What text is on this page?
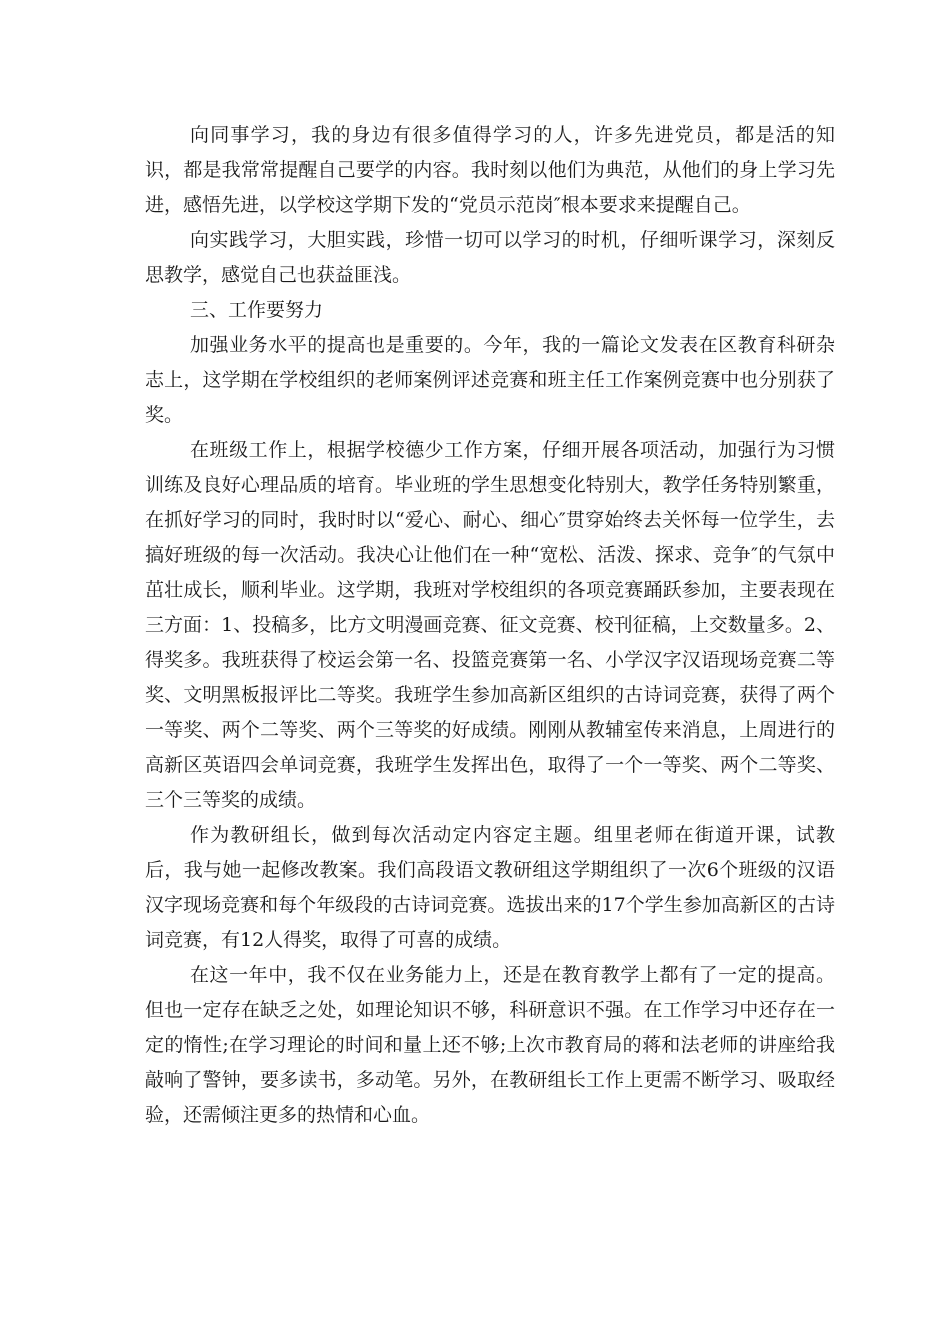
向同事学习，我的身边有很多值得学习的人，许多先进党员，都是活的知识，都是我常常提醒自己要学的内容。我时刻以他们为典范，从他们的身上学习先进，感悟先进，以学校这学期下发的“党员示范岗″根本要求来提醒自己。

向实践学习，大胆实践，珍惜一切可以学习的时机，仔细听课学习，深刻反思教学，感觉自己也获益匪浅。

三、工作要努力

加强业务水平的提高也是重要的。今年，我的一篇论文发表在区教育科研杂志上，这学期在学校组织的老师案例评述竞赛和班主任工作案例竞赛中也分别获了奖。

在班级工作上，根据学校德少工作方案，仔细开展各项活动，加强行为习惯训练及良好心理品质的培育。毕业班的学生思想变化特别大，教学任务特别繁重，在抓好学习的同时，我时时以“爱心、耐心、细心″贯穿始终去关怀每一位学生，去搞好班级的每一次活动。我决心让他们在一种“宽松、活泼、探求、竞争″的气氛中茁壮成长，顺利毕业。这学期，我班对学校组织的各项竞赛踊跃参加，主要表现在三方面：1、投稿多，比方文明漫画竞赛、征文竞赛、校刊征稿，上交数量多。2、得奖多。我班获得了校运会第一名、投篮竞赛第一名、小学汉字汉语现场竞赛二等奖、文明黑板报评比二等奖。我班学生参加高新区组织的古诗词竞赛，获得了两个一等奖、两个二等奖、两个三等奖的好成绩。刚刚从教辅室传来消息，上周进行的高新区英语四会单词竞赛，我班学生发挥出色，取得了一个一等奖、两个二等奖、三个三等奖的成绩。

作为教研组长，做到每次活动定内容定主题。组里老师在街道开课，试教后，我与她一起修改教案。我们高段语文教研组这学期组织了一次6个班级的汉语汉字现场竞赛和每个年级段的古诗词竞赛。选拔出来的17个学生参加高新区的古诗词竞赛，有12人得奖，取得了可喜的成绩。

在这一年中，我不仅在业务能力上，还是在教育教学上都有了一定的提高。但也一定存在缺乏之处，如理论知识不够，科研意识不强。在工作学习中还存在一定的惰性;在学习理论的时间和量上还不够;上次市教育局的蒋和法老师的讲座给我敲响了警钟，要多读书，多动笔。另外，在教研组长工作上更需不断学习、吸取经验，还需倾注更多的热情和心血。
